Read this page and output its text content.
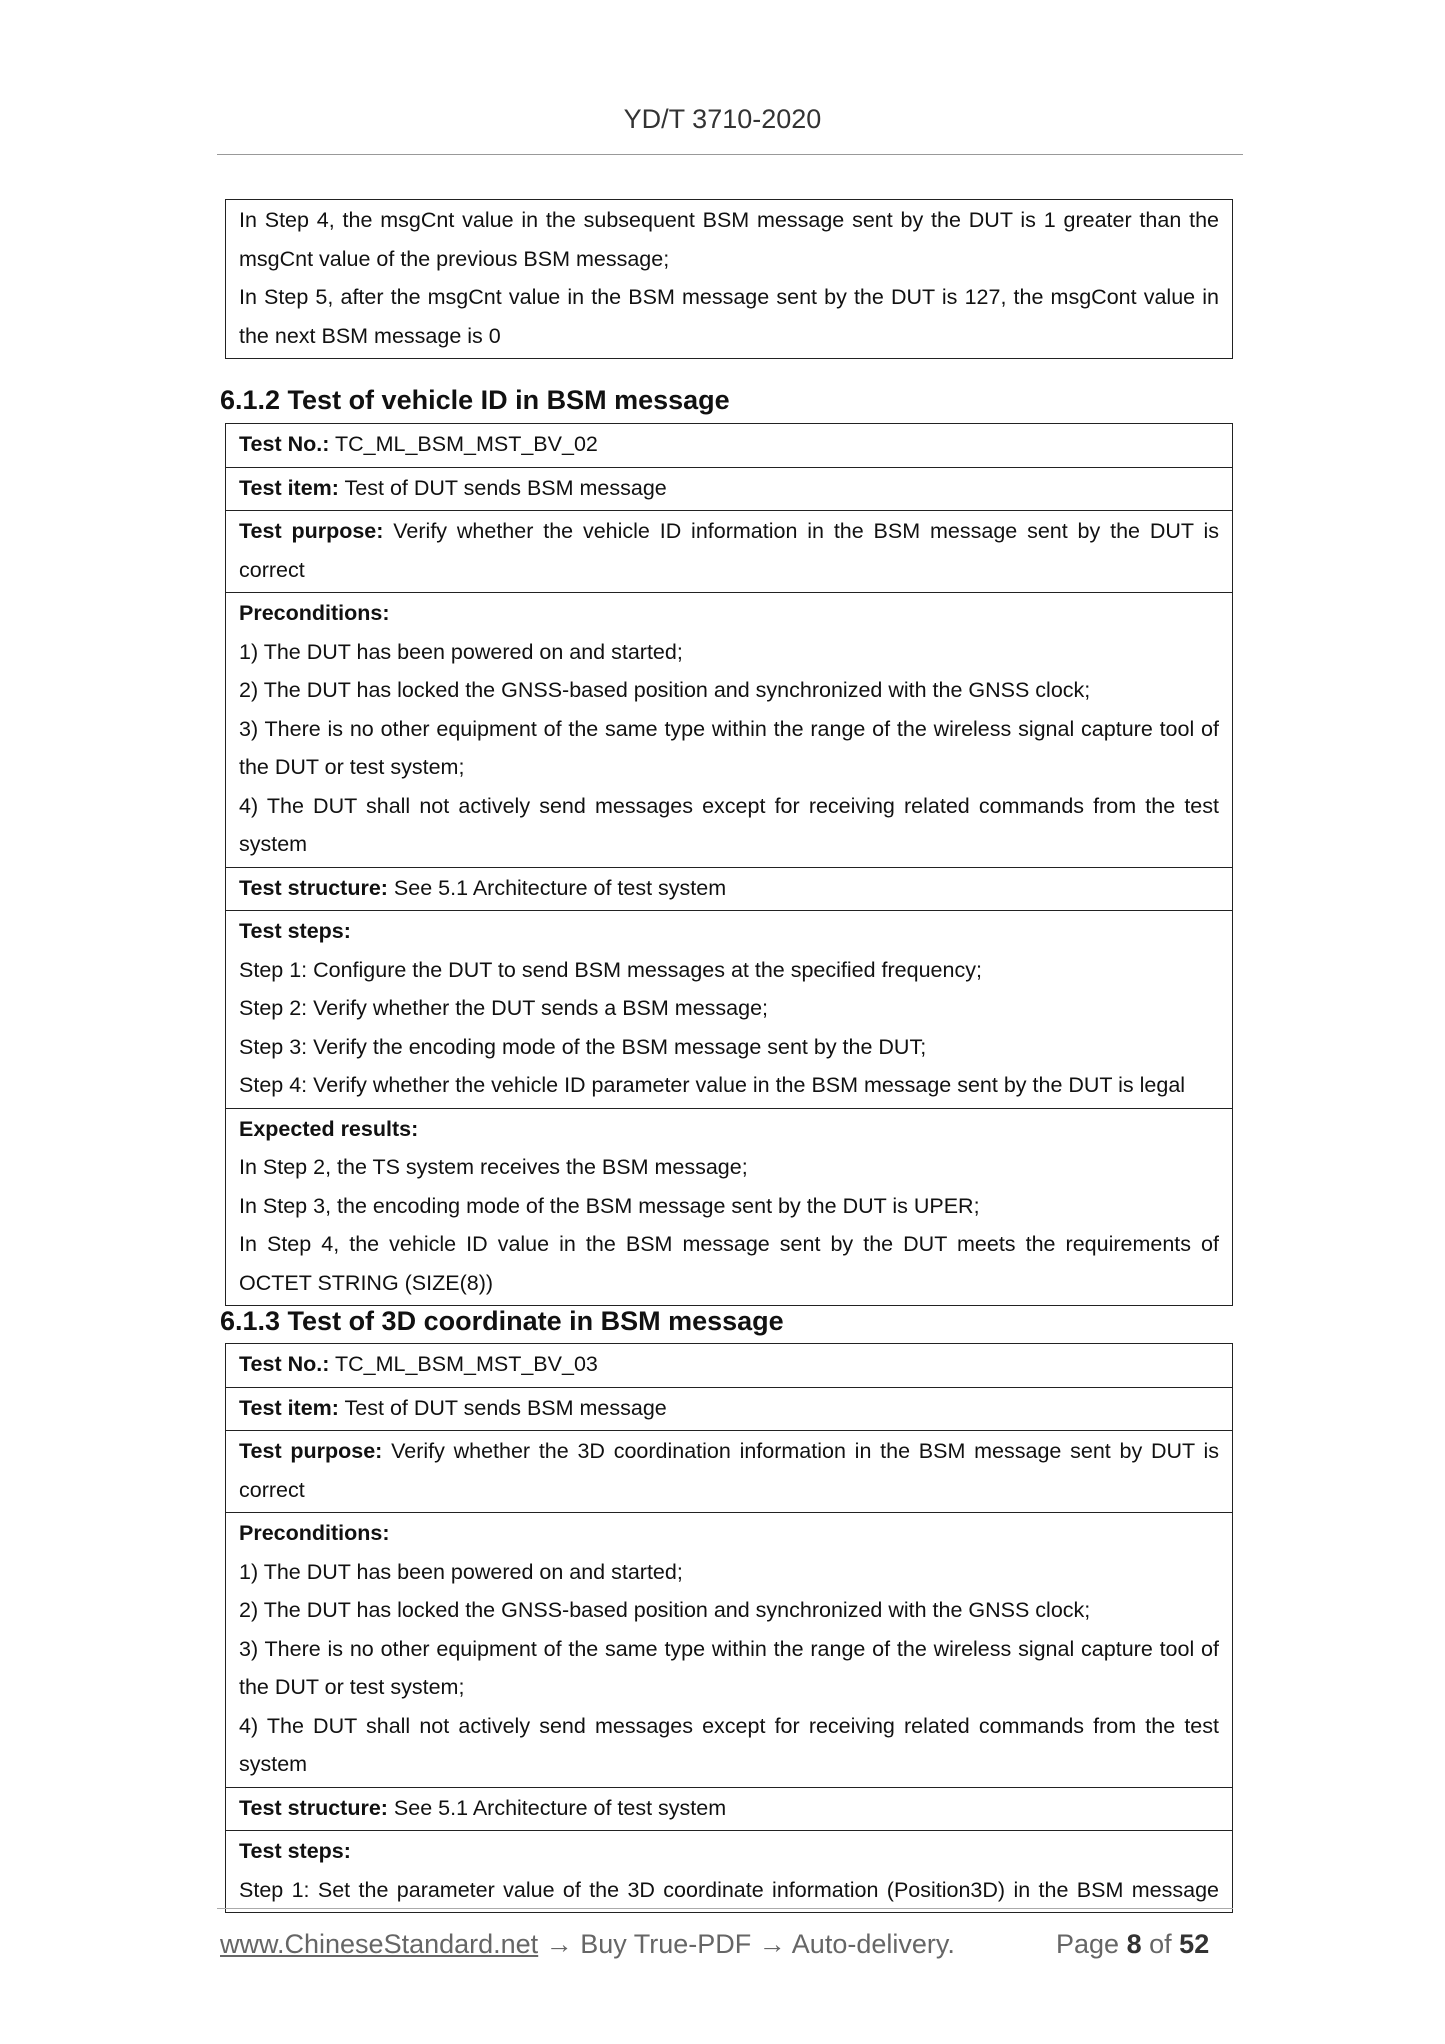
YD/T 3710-2020
In Step 4, the msgCnt value in the subsequent BSM message sent by the DUT is 1 greater than the
msgCnt value of the previous BSM message;
In Step 5, after the msgCnt value in the BSM message sent by the DUT is 127, the msgCont value in
the next BSM message is 0
6.1.2 Test of vehicle ID in BSM message
Test No.: TC_ML_BSM_MST_BV_02
Test item: Test of DUT sends BSM message
Test purpose: Verify whether the vehicle ID information in the BSM message sent by the DUT is
correct
Preconditions:
1) The DUT has been powered on and started;
2) The DUT has locked the GNSS-based position and synchronized with the GNSS clock;
3) There is no other equipment of the same type within the range of the wireless signal capture tool of
the DUT or test system;
4) The DUT shall not actively send messages except for receiving related commands from the test
system
Test structure: See 5.1 Architecture of test system
Test steps:
Step 1: Configure the DUT to send BSM messages at the specified frequency;
Step 2: Verify whether the DUT sends a BSM message;
Step 3: Verify the encoding mode of the BSM message sent by the DUT;
Step 4: Verify whether the vehicle ID parameter value in the BSM message sent by the DUT is legal
Expected results:
In Step 2, the TS system receives the BSM message;
In Step 3, the encoding mode of the BSM message sent by the DUT is UPER;
In Step 4, the vehicle ID value in the BSM message sent by the DUT meets the requirements of
OCTET STRING (SIZE(8))
6.1.3 Test of 3D coordinate in BSM message
Test No.: TC_ML_BSM_MST_BV_03
Test item: Test of DUT sends BSM message
Test purpose: Verify whether the 3D coordination information in the BSM message sent by DUT is
correct
Preconditions:
1) The DUT has been powered on and started;
2) The DUT has locked the GNSS-based position and synchronized with the GNSS clock;
3) There is no other equipment of the same type within the range of the wireless signal capture tool of
the DUT or test system;
4) The DUT shall not actively send messages except for receiving related commands from the test
system
Test structure: See 5.1 Architecture of test system
Test steps:
Step 1: Set the parameter value of the 3D coordinate information (Position3D) in the BSM message
www.ChineseStandard.net → Buy True-PDF → Auto-delivery.	Page 8 of 52
